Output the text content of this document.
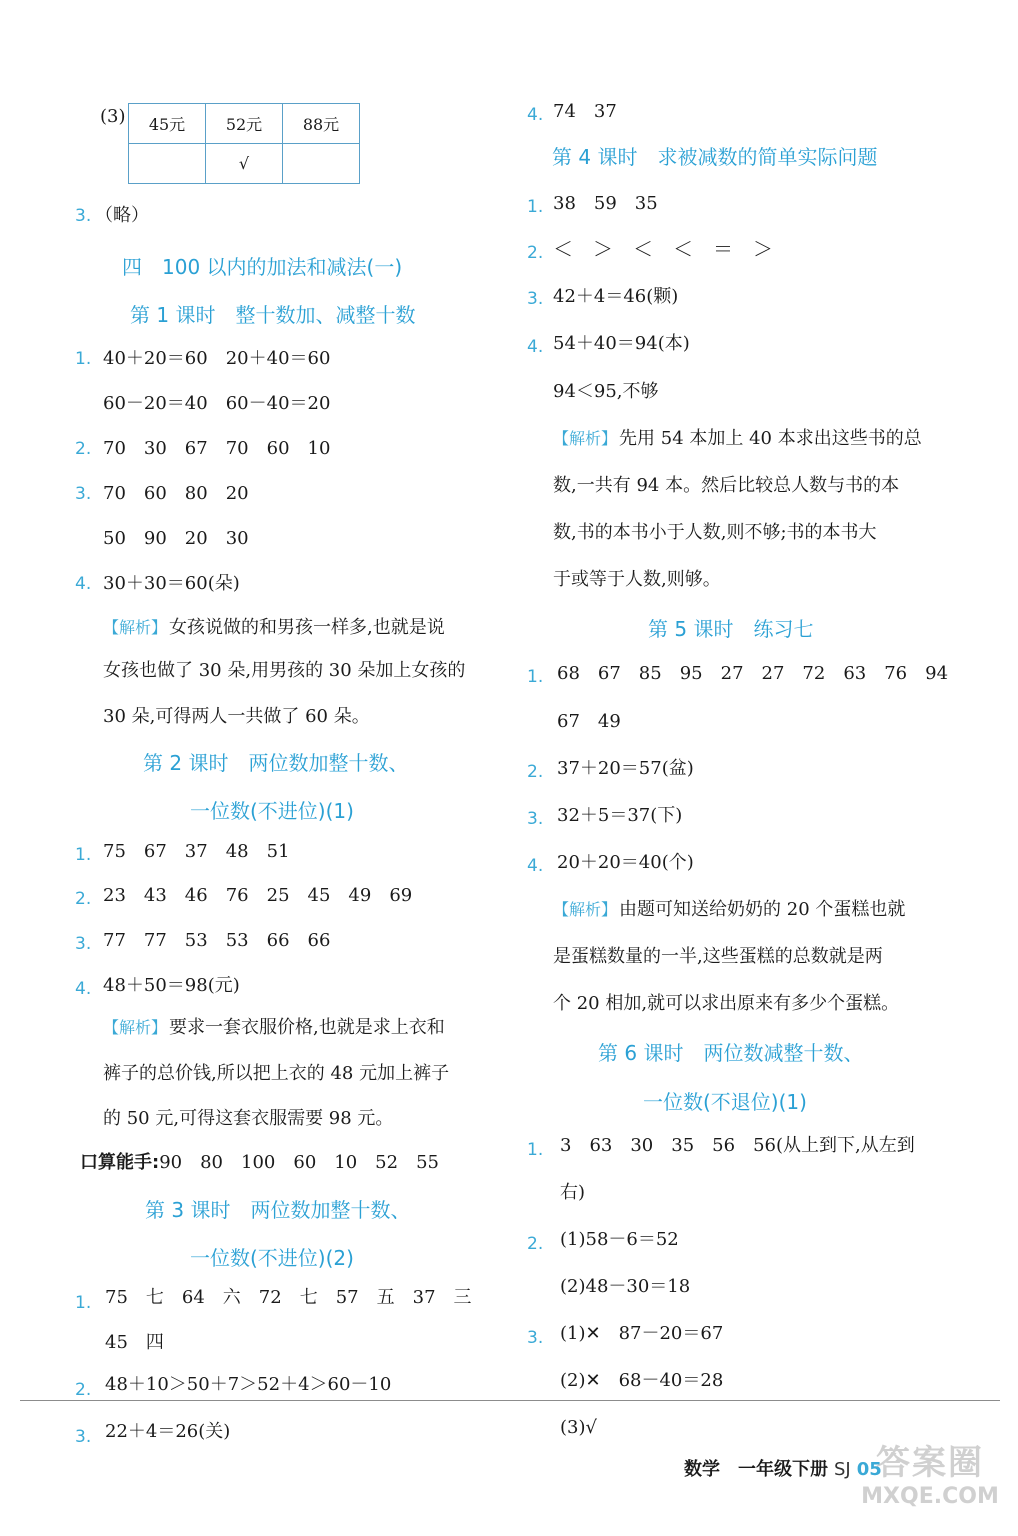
(3) 45元	52元	88元
	√	
3. （略）
四　100 以内的加法和减法(一)
第 1 课时　整十数加、减整十数
1. 40＋20＝60　20＋40＝60
60－20＝40　60－40＝20
2. 70　30　67　70　60　10
3. 70　60　80　20
50　90　20　30
4. 30＋30＝60(朵)
【解析】 女孩说做的和男孩一样多,也就是说
女孩也做了 30 朵,用男孩的 30 朵加上女孩的
30 朵,可得两人一共做了 60 朵。
第 2 课时　两位数加整十数、
一位数(不进位)(1)
1. 75　67　37　48　51
2. 23　43　46　76　25　45　49　69
3. 77　77　53　53　66　66
4. 48＋50＝98(元)
【解析】 要求一套衣服价格,也就是求上衣和
裤子的总价钱,所以把上衣的 48 元加上裤子
的 50 元,可得这套衣服需要 98 元。
口算能手:90　80　100　60　10　52　55
第 3 课时　两位数加整十数、
一位数(不进位)(2)
1. 75　七　64　六　72　七　57　五　37　三
45　四
2. 48＋10＞50＋7＞52＋4＞60－10
3. 22＋4＝26(关)
4. 74　37
第 4 课时　求被减数的简单实际问题
1. 38　59　35
2. ＜　＞　＜　＜　＝　＞
3. 42＋4＝46(颗)
4. 54＋40＝94(本)
94＜95,不够
【解析】 先用 54 本加上 40 本求出这些书的总
数,一共有 94 本。然后比较总人数与书的本
数,书的本书小于人数,则不够;书的本书大
于或等于人数,则够。
第 5 课时　练习七
1. 68　67　85　95　27　27　72　63　76　94
67　49
2. 37＋20＝57(盆)
3. 32＋5＝37(下)
4. 20＋20＝40(个)
【解析】 由题可知送给奶奶的 20 个蛋糕也就
是蛋糕数量的一半,这些蛋糕的总数就是两
个 20 相加,就可以求出原来有多少个蛋糕。
第 6 课时　两位数减整十数、
一位数(不退位)(1)
1. 3　63　30　35　56　56(从上到下,从左到
右)
2. (1)58－6＝52
(2)48－30＝18
3. (1)✕　87－20＝67
(2)✕　68－40＝28
(3)√
答案圈
MXQE.COM
数学　一年级下册 SJ 05
